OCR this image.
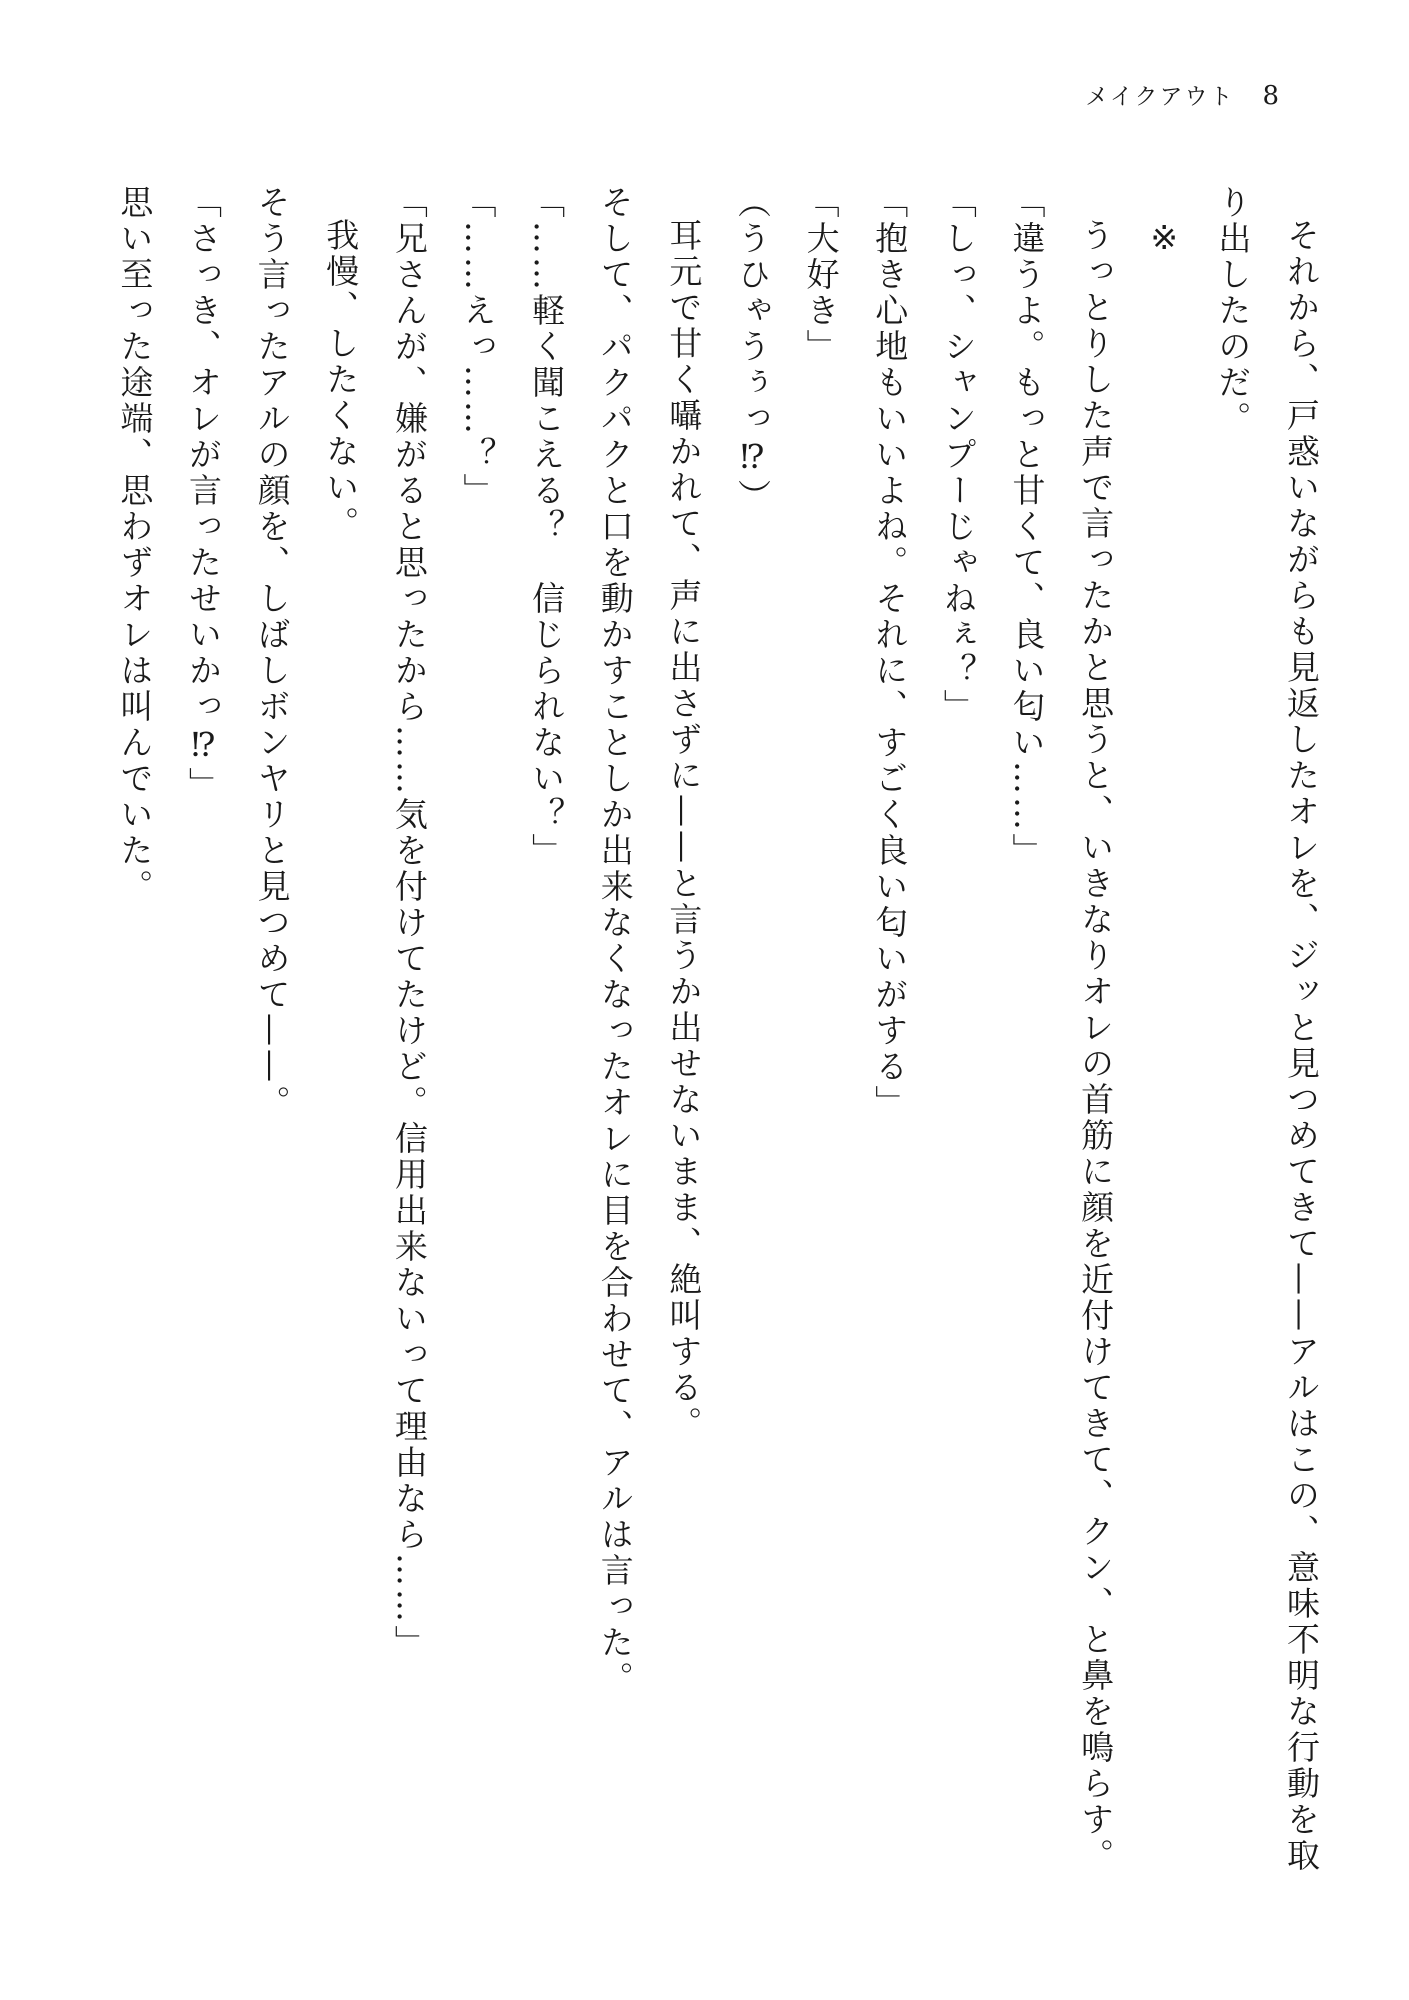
メイクアウト 8

それから、戸惑いながらも見返したオレを、ジッと見つめてきて——アルはこの、意味不明な行動を取り出したのだ。

※

うっとりした声で言ったかと思うと、いきなりオレの首筋に顔を近付けてきて、クン、と鼻を鳴らす。

「違うよ。もっと甘くて、良い匂い……」

「しっ、シャンプーじゃねぇ？」

「抱き心地もいいよね。それに、すごく良い匂いがする」

「大好き」

（うひゃうぅっ⁉）

耳元で甘く囁かれて、声に出さずに——と言うか出せないまま、絶叫する。

そして、パクパクと口を動かすことしか出来なくなったオレに目を合わせて、アルは言った。

「……軽く聞こえる？　信じられない？」

「……えっ……？」

「兄さんが、嫌がると思ったから……気を付けてたけど。信用出来ないって理由なら……」

我慢、したくない。

そう言ったアルの顔を、しばしボンヤリと見つめて——。

「さっき、オレが言ったせいかっ⁉」

思い至った途端、思わずオレは叫んでいた。
